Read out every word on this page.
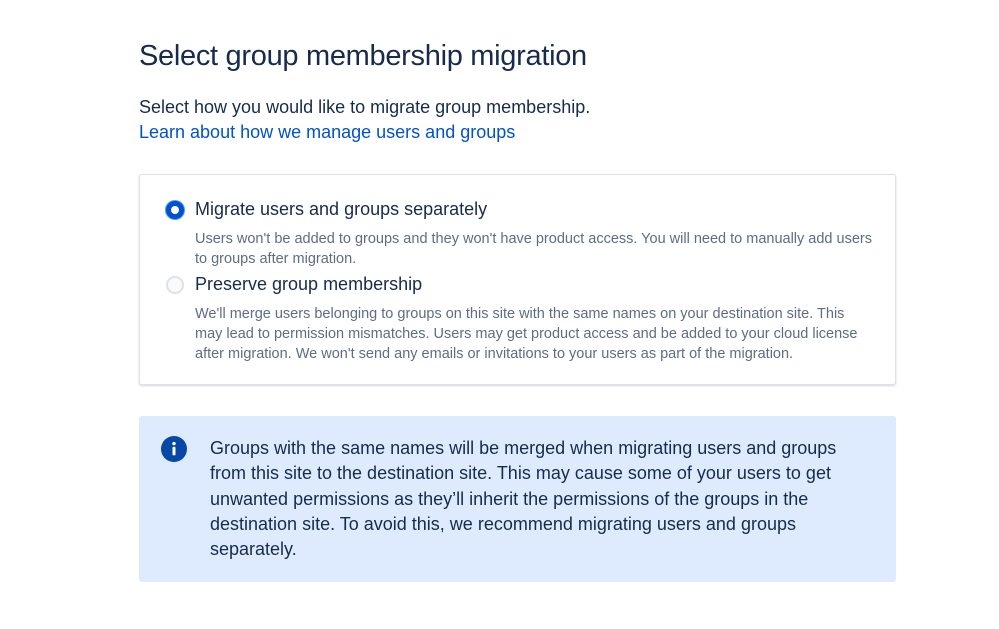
Select group membership migration

Select how you would like to migrate group membership.

Learn about how we manage users and groups
Migrate users and groups separately

Users won't be added to groups and they won't have product access. You will need to manually add users to groups after migration.

Preserve group membership

We'll merge users belonging to groups on this site with the same names on your destination site. This may lead to permission mismatches. Users may get product access and be added to your cloud license after migration. We won't send any emails or invitations to your users as part of the migration.

Groups with the same names will be merged when migrating users and groups from this site to the destination site. This may cause some of your users to get unwanted permissions as they’ll inherit the permissions of the groups in the destination site. To avoid this, we recommend migrating users and groups separately.
